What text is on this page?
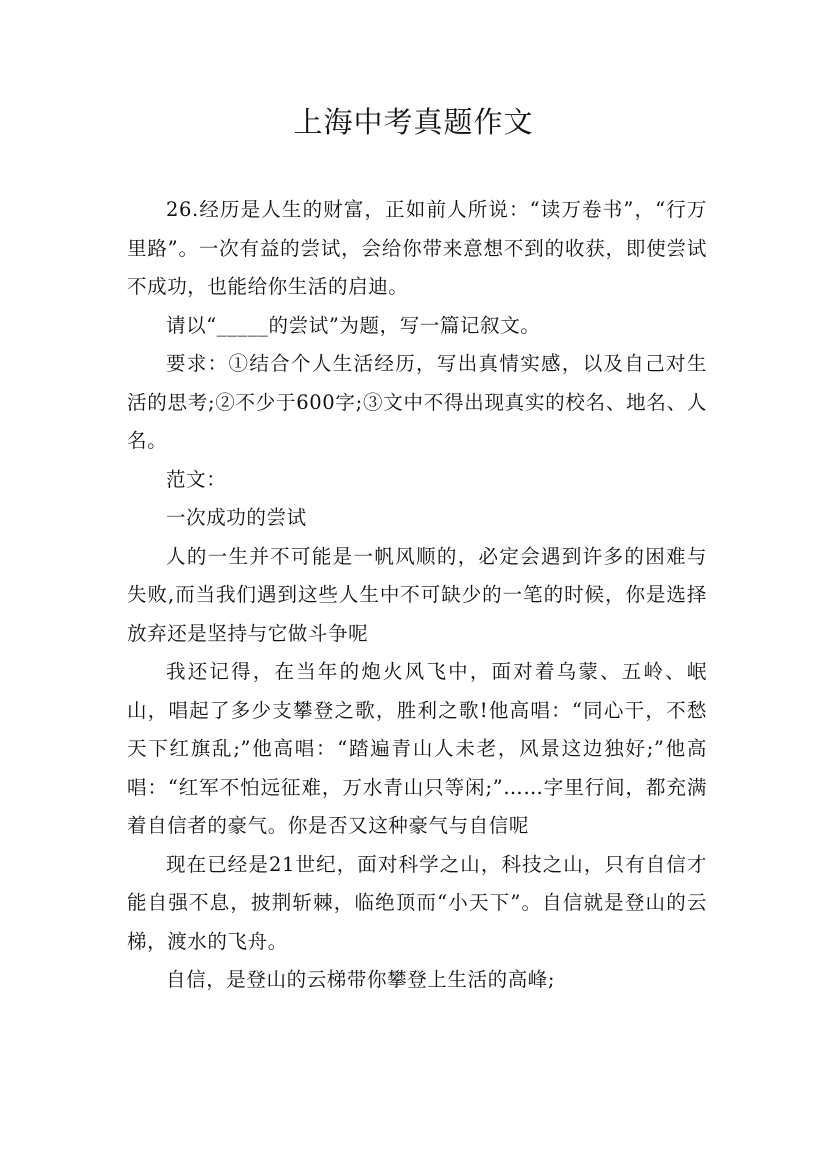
上海中考真题作文

26.经历是人生的财富，正如前人所说：“读万卷书”，“行万里路”。一次有益的尝试，会给你带来意想不到的收获，即使尝试不成功，也能给你生活的启迪。

请以“_____的尝试”为题，写一篇记叙文。

要求：①结合个人生活经历，写出真情实感，以及自己对生活的思考;②不少于600字;③文中不得出现真实的校名、地名、人名。

范文：

一次成功的尝试

人的一生并不可能是一帆风顺的，必定会遇到许多的困难与失败,而当我们遇到这些人生中不可缺少的一笔的时候，你是选择放弃还是坚持与它做斗争呢

我还记得，在当年的炮火风飞中，面对着乌蒙、五岭、岷山，唱起了多少支攀登之歌，胜利之歌!他高唱：“同心干，不愁天下红旗乱;”他高唱：“踏遍青山人未老，风景这边独好;”他高唱：“红军不怕远征难，万水青山只等闲;”……字里行间，都充满着自信者的豪气。你是否又这种豪气与自信呢

现在已经是21世纪，面对科学之山，科技之山，只有自信才能自强不息，披荆斩棘，临绝顶而“小天下”。自信就是登山的云梯，渡水的飞舟。

自信，是登山的云梯带你攀登上生活的高峰;
